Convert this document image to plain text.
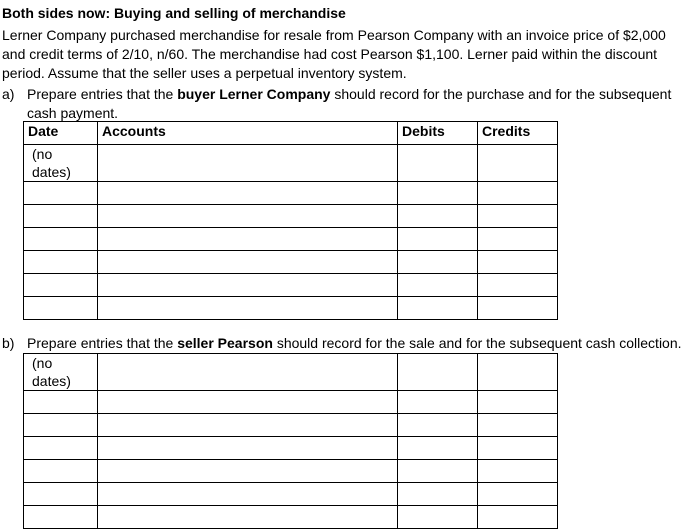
Both sides now: Buying and selling of merchandise
Lerner Company purchased merchandise for resale from Pearson Company with an invoice price of $2,000
and credit terms of 2/10, n/60. The merchandise had cost Pearson $1,100. Lerner paid within the discount
period. Assume that the seller uses a perpetual inventory system.
a) Prepare entries that the buyer Lerner Company should record for the purchase and for the subsequent
cash payment.
Date	Accounts	Debits	Credits
(no dates)			

b) Prepare entries that the seller Pearson should record for the sale and for the subsequent cash collection.
(no dates)			
